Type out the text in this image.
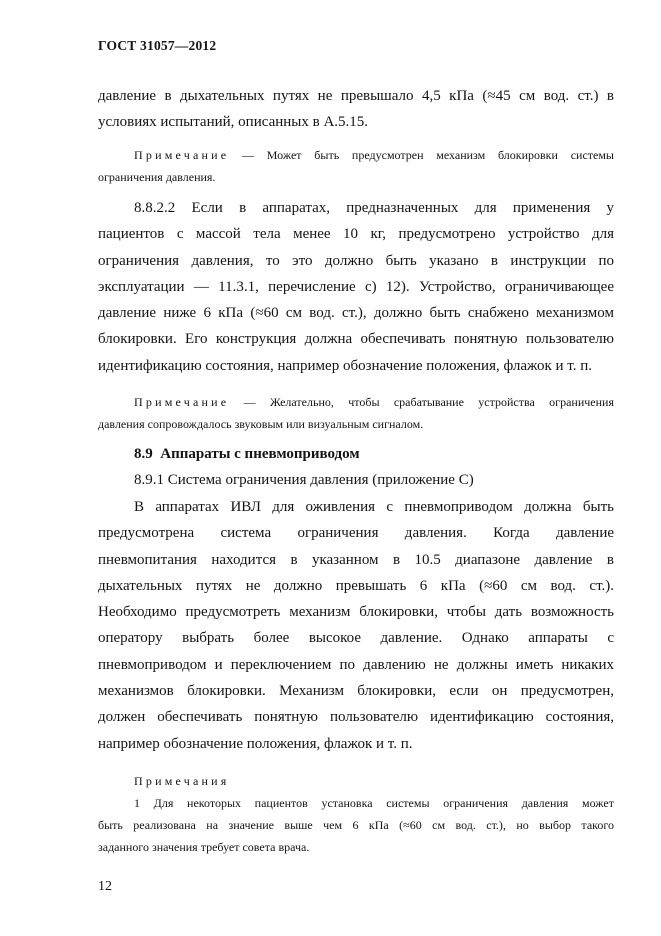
ГОСТ 31057—2012
давление в дыхательных путях не превышало 4,5 кПа (≈45 см вод. ст.) в
условиях испытаний, описанных в А.5.15.
Примечание — Может быть предусмотрен механизм блокировки системы
ограничения давления.
8.8.2.2 Если в аппаратах, предназначенных для применения у
пациентов с массой тела менее 10 кг, предусмотрено устройство для
ограничения давления, то это должно быть указано в инструкции по
эксплуатации — 11.3.1, перечисление с) 12). Устройство, ограничивающее
давление ниже 6 кПа (≈60 см вод. ст.), должно быть снабжено механизмом
блокировки. Его конструкция должна обеспечивать понятную пользователю
идентификацию состояния, например обозначение положения, флажок и т. п.
Примечание — Желательно, чтобы срабатывание устройства ограничения
давления сопровождалось звуковым или визуальным сигналом.
8.9 Аппараты с пневмоприводом
8.9.1 Система ограничения давления (приложение С)
В аппаратах ИВЛ для оживления с пневмоприводом должна быть
предусмотрена система ограничения давления. Когда давление
пневмопитания находится в указанном в 10.5 диапазоне давление в
дыхательных путях не должно превышать 6 кПа (≈60 см вод. ст.).
Необходимо предусмотреть механизм блокировки, чтобы дать возможность
оператору выбрать более высокое давление. Однако аппараты с
пневмоприводом и переключением по давлению не должны иметь никаких
механизмов блокировки. Механизм блокировки, если он предусмотрен,
должен обеспечивать понятную пользователю идентификацию состояния,
например обозначение положения, флажок и т. п.
Примечания
1 Для некоторых пациентов установка системы ограничения давления может
быть реализована на значение выше чем 6 кПа (≈60 см вод. ст.), но выбор такого
заданного значения требует совета врача.
12
